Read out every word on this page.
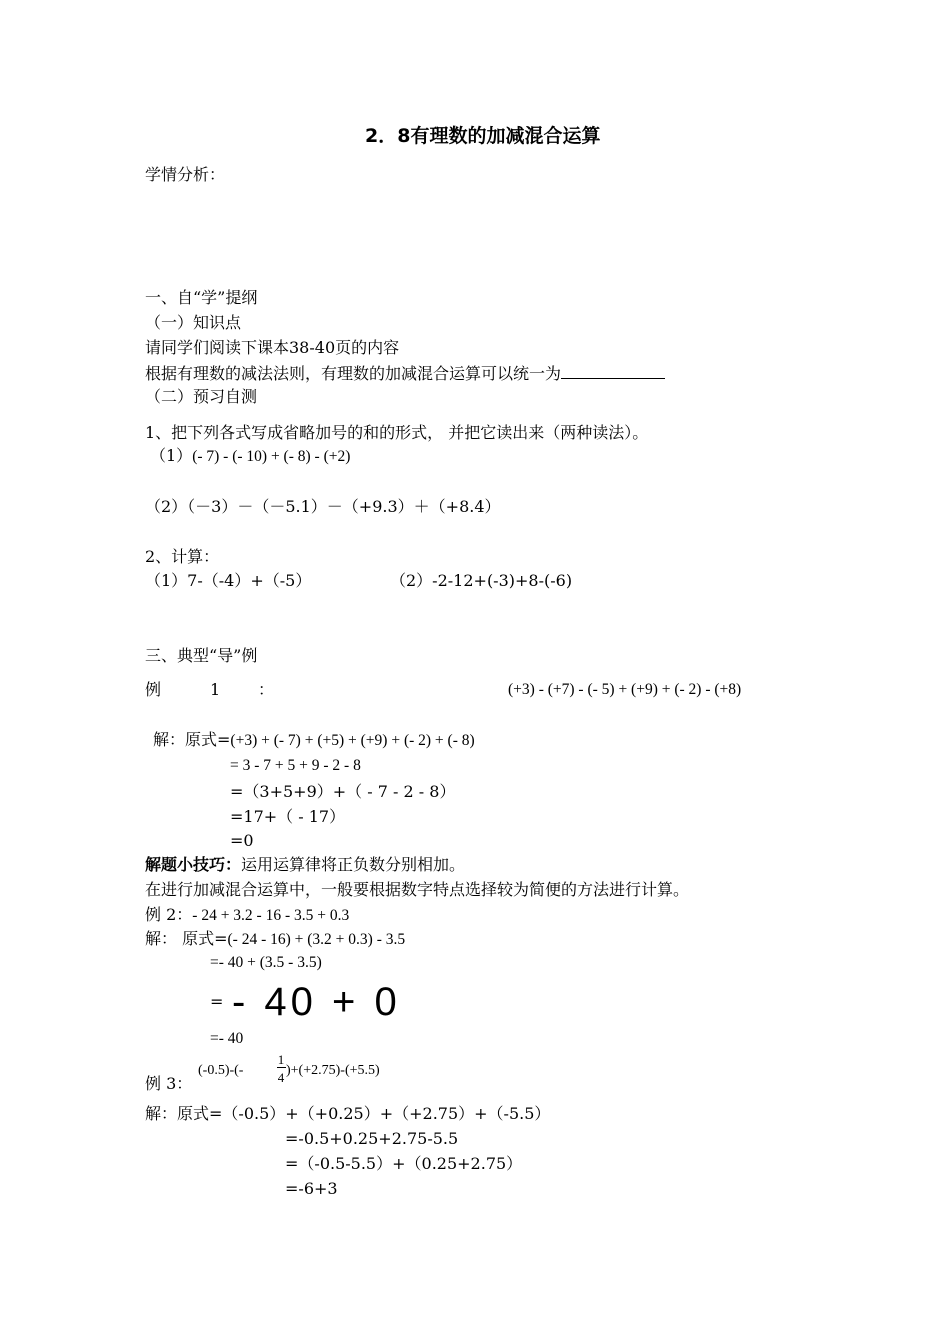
2．8有理数的加减混合运算
学情分析：
一、自“学”提纲
（一）知识点
请同学们阅读下课本38-40页的内容
根据有理数的减法法则，有理数的加减混合运算可以统一为
（二）预习自测
1、把下列各式写成省略加号的和的形式， 并把它读出来（两种读法）。
（1）(- 7) - (- 10) + (- 8) - (+2)
（2）（－3）－（－5.1）－（+9.3）＋（+8.4）
2、计算：
（1）7-（-4）+（-5）	（2）-2-12+(-3)+8-(-6)
三、典型“导”例
例	1 ：	(+3) - (+7) - (- 5) + (+9) + (- 2) - (+8)
解：原式=(+3) + (- 7) + (+5) + (+9) + (- 2) + (- 8)
= 3 - 7 + 5 + 9 - 2 - 8
=（3+5+9）+（ - 7 - 2 - 8）
=17+（ - 17）
=0
解题小技巧：运用运算律将正负数分别相加。
在进行加减混合运算中，一般要根据数字特点选择较为简便的方法进行计算。
例 2：- 24 + 3.2 - 16 - 3.5 + 0.3
解： 原式=(- 24 - 16) + (3.2 + 0.3) - 3.5
=- 40 + (3.5 - 3.5)
= - 40 + 0
=- 40
例 3：
(-0.5)-(-
1
4 )+(+2.75)-(+5.5)
解：原式=（-0.5）+（+0.25）+（+2.75）+（-5.5）
=-0.5+0.25+2.75-5.5
=（-0.5-5.5）+（0.25+2.75）
=-6+3
